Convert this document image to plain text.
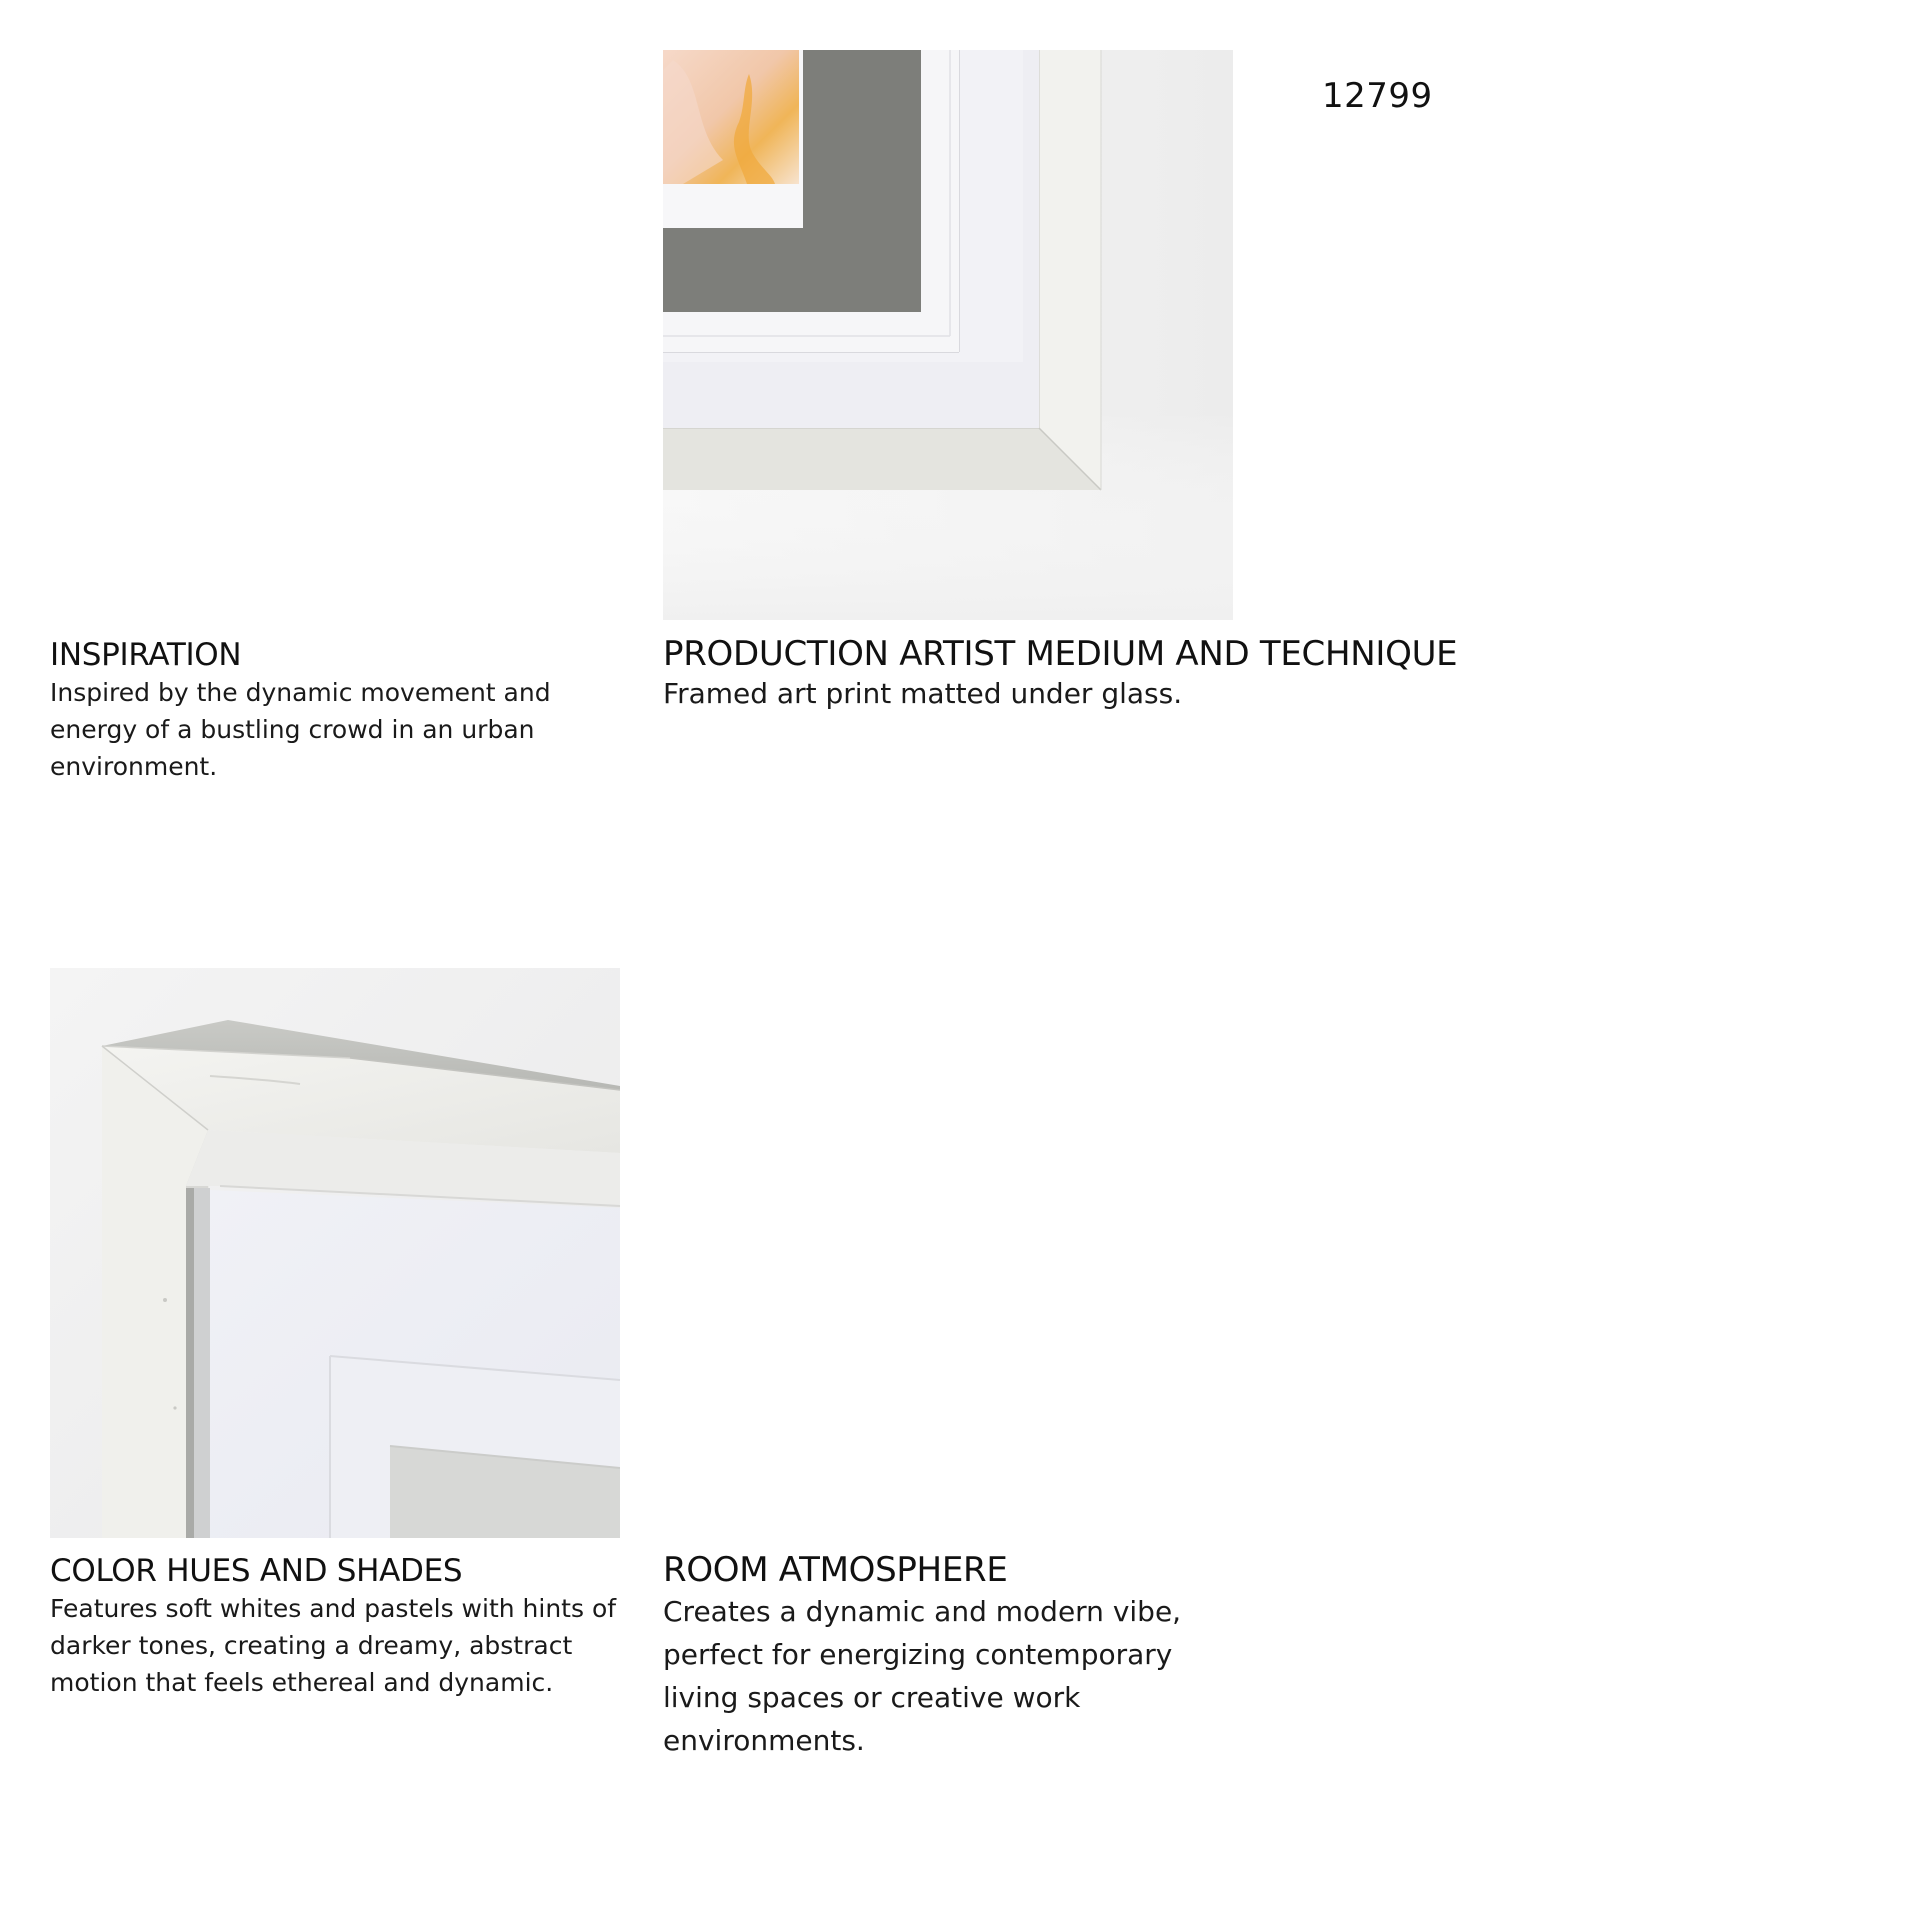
12799
INSPIRATION

Inspired by the dynamic movement and energy of a bustling crowd in an urban environment.

PRODUCTION ARTIST MEDIUM AND TECHNIQUE

Framed art print matted under glass.

COLOR HUES AND SHADES

Features soft whites and pastels with hints of darker tones, creating a dreamy, abstract motion that feels ethereal and dynamic.

ROOM ATMOSPHERE

Creates a dynamic and modern vibe, perfect for energizing contemporary living spaces or creative work environments.
